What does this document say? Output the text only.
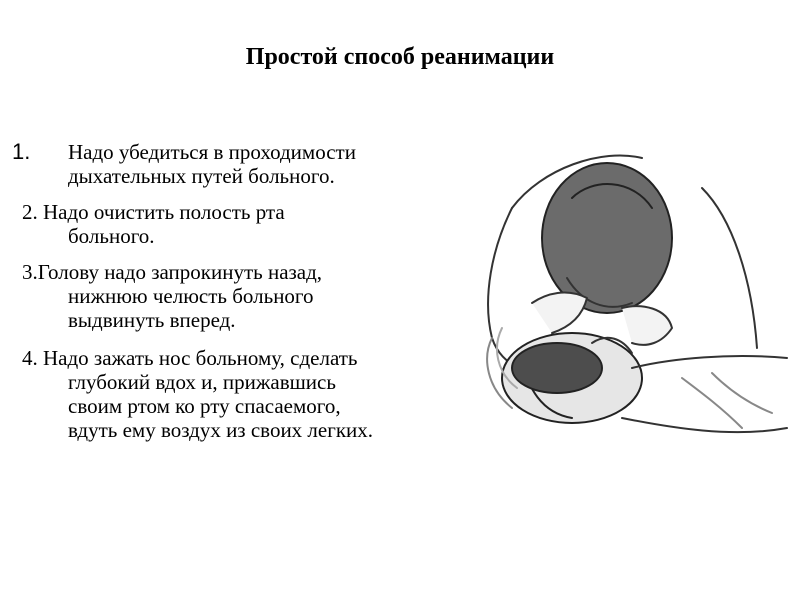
Простой способ реанимации
1. Надо убедиться в проходимости
дыхательных путей больного.
2. Надо очистить полость рта
больного.
3.Голову надо запрокинуть назад,
нижнюю челюсть больного
выдвинуть вперед.
4. Надо зажать нос больному, сделать
глубокий вдох и, прижавшись
своим ртом ко рту спасаемого,
вдуть ему воздух из своих легких.
